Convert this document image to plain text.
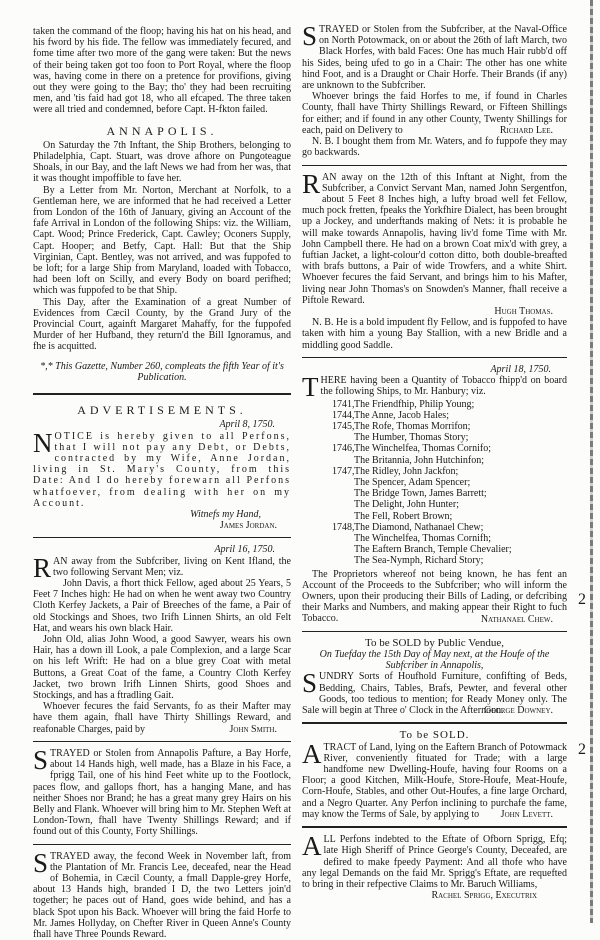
taken the command of the floop; having his hat on his head, and his fword by his fide. The fellow was immediately fecured, and fome time after two more of the gang were taken: But the news of their being taken got too foon to Port Royal, where the floop was, having come in there on a pretence for provifions, giving out they were going to the Bay; tho' they had been recruiting men, and 'tis faid had got 18, who all efcaped. The three taken were all tried and condemned, before Capt. H-fkton failed.

ANNAPOLIS.

On Saturday the 7th Inftant, the Ship Brothers, belonging to Philadelphia, Capt. Stuart, was drove afhore on Pungoteague Shoals, in our Bay, and the laft News we had from her was, that it was thought impoffible to fave her.

By a Letter from Mr. Norton, Merchant at Norfolk, to a Gentleman here, we are informed that he had received a Letter from London of the 16th of January, giving an Account of the fafe Arrival in London of the following Ships: viz. the William, Capt. Wood; Prince Frederick, Capt. Cawley; Oconers Supply, Capt. Hooper; and Betfy, Capt. Hall: But that the Ship Virginian, Capt. Bentley, was not arrived, and was fuppofed to be loft; for a large Ship from Maryland, loaded with Tobacco, had been loft on Scilly, and every Body on board perifhed; which was fuppofed to be that Ship.

This Day, after the Examination of a great Number of Evidences from Cæcil County, by the Grand Jury of the Provincial Court, againft Margaret Mahaffy, for the fuppofed Murder of her Hufband, they return'd the Bill Ignoramus, and fhe is acquitted.

*,* This Gazette, Number 260, compleats the fifth Year of it's Publication.
ADVERTISEMENTS.
April 8, 1750.
N OTICE is hereby given to all Perfons, that I will not pay any Debt, or Debts, contracted by my Wife, Anne Jordan, living in St. Mary's County, from this Date: And I do hereby forewarn all Perfons whatfoever, from dealing with her on my Account.

Witnefs my Hand,

James Jordan.
April 16, 1750.
R AN away from the Subfcriber, living on Kent Ifland, the two following Servant Men; viz.

John Davis, a fhort thick Fellow, aged about 25 Years, 5 Feet 7 Inches high: He had on when he went away two Country Cloth Kerfey Jackets, a Pair of Breeches of the fame, a Pair of old Stockings and Shoes, two Irifh Linnen Shirts, an old Felt Hat, and wears his own black Hair.

John Old, alias John Wood, a good Sawyer, wears his own Hair, has a down ill Look, a pale Complexion, and a large Scar on his left Wrift: He had on a blue grey Coat with metal Buttons, a Great Coat of the fame, a Country Cloth Kerfey Jacket, two brown Irifh Linnen Shirts, good Shoes and Stockings, and has a ftradling Gait.

Whoever fecures the faid Servants, fo as their Mafter may have them again, fhall have Thirty Shillings Reward, and reafonable Charges, paid by	John Smith.
S TRAYED or Stolen from Annapolis Pafture, a Bay Horfe, about 14 Hands high, well made, has a Blaze in his Face, a fprigg Tail, one of his hind Feet white up to the Footlock, paces flow, and gallops fhort, has a hanging Mane, and has neither Shoes nor Brand; he has a great many grey Hairs on his Belly and Flank. Whoever will bring him to Mr. Stephen Weft at London-Town, fhall have Twenty Shillings Reward; and if found out of this County, Forty Shillings.

S TRAYED away, the fecond Week in November laft, from the Plantation of Mr. Francis Lee, deceafed, near the Head of Bohemia, in Cæcil County, a fmall Dapple-grey Horfe, about 13 Hands high, branded I D, the two Letters join'd together; he paces out of Hand, goes wide behind, and has a black Spot upon his Back. Whoever will bring the faid Horfe to Mr. James Hollyday, on Chefter River in Queen Anne's County fhall have Three Pounds Reward.

S TRAYED or Stolen from the Subfcriber, at the Naval-Office on North Potowmack, on or about the 26th of laft March, two Black Horfes, with bald Faces: One has much Hair rubb'd off his Sides, being ufed to go in a Chair: The other has one white hind Foot, and is a Draught or Chair Horfe. Their Brands (if any) are unknown to the Subfcriber.

Whoever brings the faid Horfes to me, if found in Charles County, fhall have Thirty Shillings Reward, or Fifteen Shillings for either; and if found in any other County, Twenty Shillings for each, paid on Delivery to	Richard Lee.

N. B. I bought them from Mr. Waters, and fo fuppofe they may go backwards.

R AN away on the 12th of this Inftant at Night, from the Subfcriber, a Convict Servant Man, named John Sergentfon, about 5 Feet 8 Inches high, a lufty broad well fet Fellow, much pock fretten, fpeaks the Yorkfhire Dialect, has been brought up a Jockey, and underftands making of Nets: it is probable he will make towards Annapolis, having liv'd fome Time with Mr. John Campbell there. He had on a brown Coat mix'd with grey, a fuftian Jacket, a light-colour'd cotton ditto, both double-breafted with brafs buttons, a Pair of wide Trowfers, and a white Shirt. Whoever fecures the faid Servant, and brings him to his Mafter, living near John Thomas's on Snowden's Manner, fhall receive a Piftole Reward.

Hugh Thomas.

N. B. He is a bold impudent fly Fellow, and is fuppofed to have taken with him a young Bay Stallion, with a new Bridle and a middling good Saddle.

April 18, 1750.
T HERE having been a Quantity of Tobacco fhipp'd on board the following Ships, to Mr. Hanbury; viz.

1741, The Friendfhip, Philip Young;
1744, The Anne, Jacob Hales;
1745, The Rofe, Thomas Morrifon;
The Humber, Thomas Story;
1746, The Winchelfea, Thomas Cornifo;
The Britannia, John Hutchinfon;
1747, The Ridley, John Jackfon;
The Spencer, Adam Spencer;
The Bridge Town, James Barrett;
The Delight, John Hunter;
The Fell, Robert Brown;
1748, The Diamond, Nathanael Chew;
The Winchelfea, Thomas Cornifh;
The Eaftern Branch, Temple Chevalier;
The Sea-Nymph, Richard Story;

The Proprietors whereof not being known, he has fent an Account of the Proceeds to the Subfcriber; who will inform the Owners, upon their producing their Bills of Lading, or defcribing their Marks and Numbers, and making appear their Right to fuch Tobacco.	Nathanael Chew.

To be SOLD by Public Vendue,

On Tuefday the 15th Day of May next, at the Houfe of the Subfcriber in Annapolis,

S UNDRY Sorts of Houfhold Furniture, confifting of Beds, Bedding, Chairs, Tables, Brafs, Pewter, and feveral other Goods, too tedious to mention; for Ready Money only. The Sale will begin at Three o' Clock in the Afternoon.

George Downey.

To be SOLD.

A TRACT of Land, lying on the Eaftern Branch of Potowmack River, conveniently fituated for Trade; with a large handfome new Dwelling-Houfe, having four Rooms on a Floor; a good Kitchen, Milk-Houfe, Store-Houfe, Meat-Houfe, Corn-Houfe, Stables, and other Out-Houfes, a fine large Orchard, and a Negro Quarter. Any Perfon inclining to purchafe the fame, may know the Terms of Sale, by applying to	John Levett.
A LL Perfons indebted to the Eftate of Ofborn Sprigg, Efq; late High Sheriff of Prince George's County, Deceafed, are defired to make fpeedy Payment: And all thofe who have any legal Demands on the faid Mr. Sprigg's Eftate, are requefted to bring in their refpective Claims to Mr. Baruch Williams,

Rachel Sprigg, Executrix
2
2
